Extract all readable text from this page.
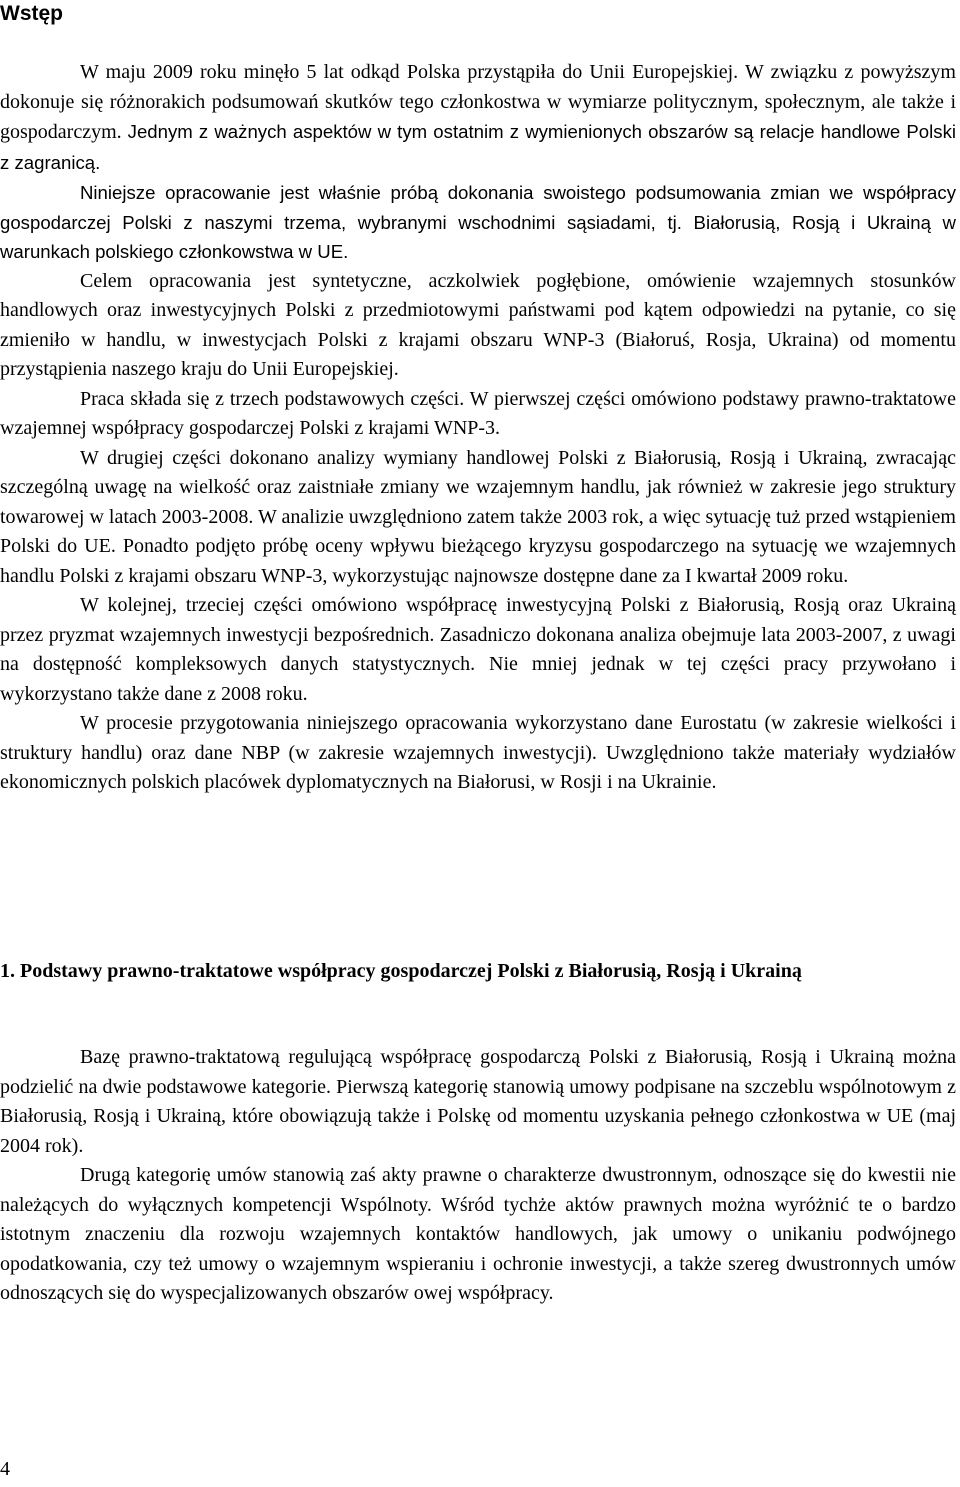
Wstęp

W maju 2009 roku minęło 5 lat odkąd Polska przystąpiła do Unii Europejskiej. W związku z powyższym dokonuje się różnorakich podsumowań skutków tego członkostwa w wymiarze politycznym, społecznym, ale także i gospodarczym. Jednym z ważnych aspektów w tym ostatnim z wymienionych obszarów są relacje handlowe Polski z zagranicą.

Niniejsze opracowanie jest właśnie próbą dokonania swoistego podsumowania zmian we współpracy gospodarczej Polski z naszymi trzema, wybranymi wschodnimi sąsiadami, tj. Białorusią, Rosją i Ukrainą w warunkach polskiego członkowstwa w UE.

Celem opracowania jest syntetyczne, aczkolwiek pogłębione, omówienie wzajemnych stosunków handlowych oraz inwestycyjnych Polski z przedmiotowymi państwami pod kątem odpowiedzi na pytanie, co się zmieniło w handlu, w inwestycjach Polski z krajami obszaru WNP-3 (Białoruś, Rosja, Ukraina) od momentu przystąpienia naszego kraju do Unii Europejskiej.

Praca składa się z trzech podstawowych części. W pierwszej części omówiono podstawy prawno-traktatowe wzajemnej współpracy gospodarczej Polski z krajami WNP-3.

W drugiej części dokonano analizy wymiany handlowej Polski z Białorusią, Rosją i Ukrainą, zwracając szczególną uwagę na wielkość oraz zaistniałe zmiany we wzajemnym handlu, jak również w zakresie jego struktury towarowej w latach 2003-2008. W analizie uwzględniono zatem także 2003 rok, a więc sytuację tuż przed wstąpieniem Polski do UE. Ponadto podjęto próbę oceny wpływu bieżącego kryzysu gospodarczego na sytuację we wzajemnych handlu Polski z krajami obszaru WNP-3, wykorzystując najnowsze dostępne dane za I kwartał 2009 roku.

W kolejnej, trzeciej części omówiono współpracę inwestycyjną Polski z Białorusią, Rosją oraz Ukrainą przez pryzmat wzajemnych inwestycji bezpośrednich. Zasadniczo dokonana analiza obejmuje lata 2003-2007, z uwagi na dostępność kompleksowych danych statystycznych. Nie mniej jednak w tej części pracy przywołano i wykorzystano także dane z 2008 roku.

W procesie przygotowania niniejszego opracowania wykorzystano dane Eurostatu (w zakresie wielkości i struktury handlu) oraz dane NBP (w zakresie wzajemnych inwestycji). Uwzględniono także materiały wydziałów ekonomicznych polskich placówek dyplomatycznych na Białorusi, w Rosji i na Ukrainie.

1. Podstawy prawno-traktatowe współpracy gospodarczej Polski z Białorusią, Rosją i Ukrainą

Bazę prawno-traktatową regulującą współpracę gospodarczą Polski z Białorusią, Rosją i Ukrainą można podzielić na dwie podstawowe kategorie. Pierwszą kategorię stanowią umowy podpisane na szczeblu wspólnotowym z Białorusią, Rosją i Ukrainą, które obowiązują także i Polskę od momentu uzyskania pełnego członkostwa w UE (maj 2004 rok).

Drugą kategorię umów stanowią zaś akty prawne o charakterze dwustronnym, odnoszące się do kwestii nie należących do wyłącznych kompetencji Wspólnoty. Wśród tychże aktów prawnych można wyróżnić te o bardzo istotnym znaczeniu dla rozwoju wzajemnych kontaktów handlowych, jak umowy o unikaniu podwójnego opodatkowania, czy też umowy o wzajemnym wspieraniu i ochronie inwestycji, a także szereg dwustronnych umów odnoszących się do wyspecjalizowanych obszarów owej współpracy.

4
